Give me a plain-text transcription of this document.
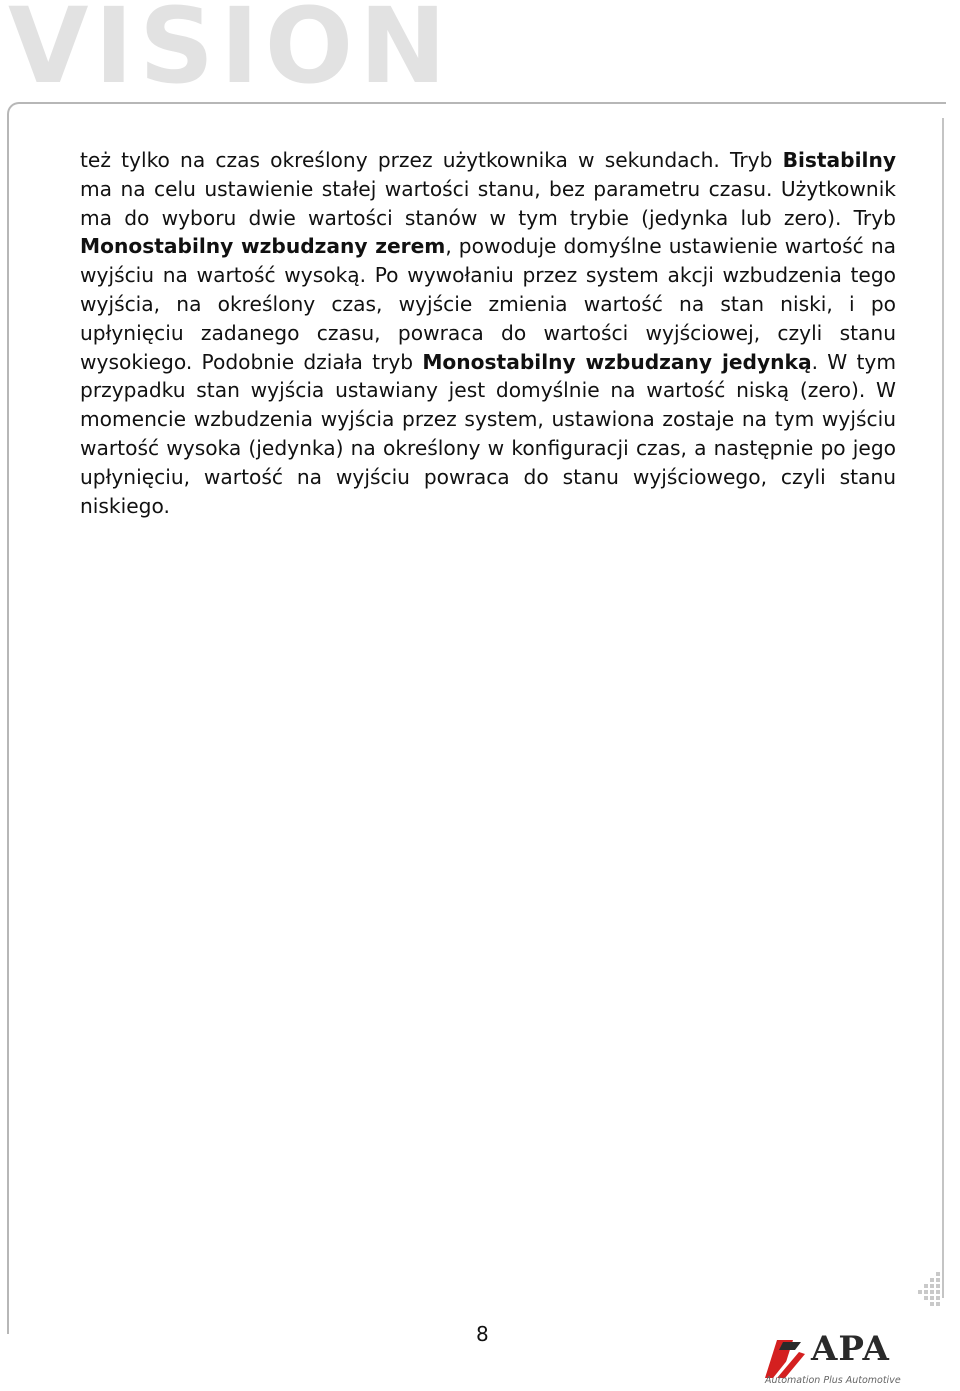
VISION

też tylko na czas określony przez użytkownika w sekundach. Tryb Bistabilny ma na celu ustawienie stałej wartości stanu, bez parametru czasu. Użytkownik ma do wyboru dwie wartości stanów w tym trybie (jedynka lub zero). Tryb Monostabilny wzbudzany zerem, powoduje domyślne ustawienie wartość na wyjściu na wartość wysoką. Po wywołaniu przez system akcji wzbudzenia tego wyjścia, na określony czas, wyjście zmienia wartość na stan niski, i po upłynięciu zadanego czasu, powraca do wartości wyjściowej, czyli stanu wysokiego. Podobnie działa tryb Monostabilny wzbudzany jedynką. W tym przypadku stan wyjścia ustawiany jest domyślnie na wartość niską (zero). W momencie wzbudzenia wyjścia przez system, ustawiona zostaje na tym wyjściu wartość wysoka (jedynka) na określony w konfiguracji czas, a następnie po jego upłynięciu, wartość na wyjściu powraca do stanu wyjściowego, czyli stanu niskiego.

8	APA
Automation Plus Automotive
